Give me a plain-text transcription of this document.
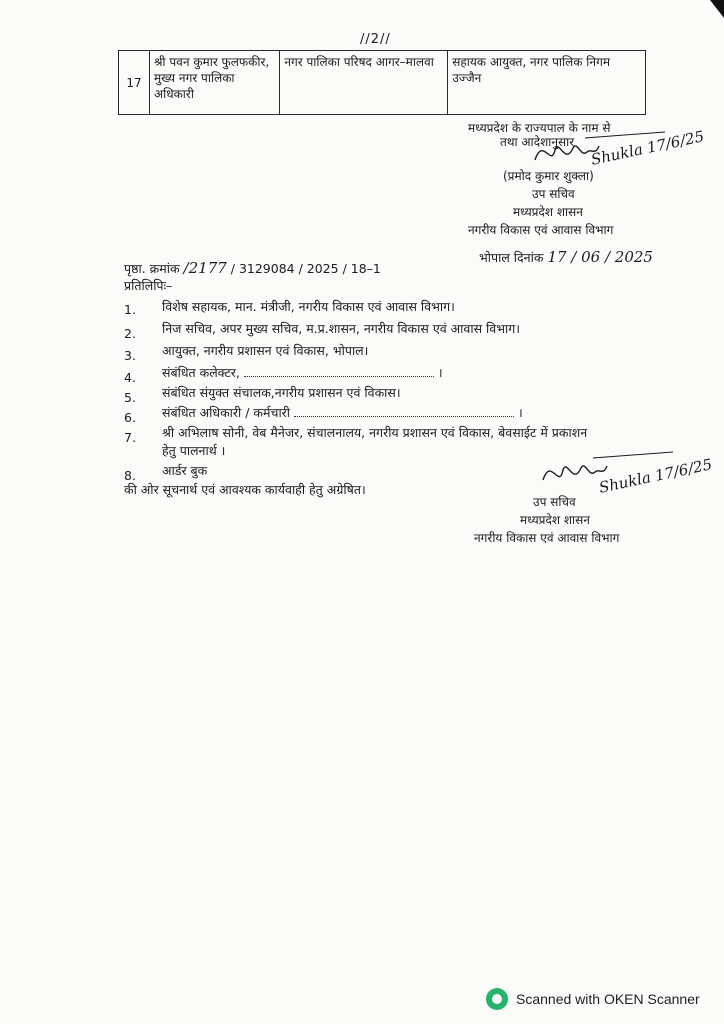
//2//
17	श्री पवन कुमार फुलफकीर, मुख्य नगर पालिका अधिकारी	नगर पालिका परिषद आगर–मालवा	सहायक आयुक्त, नगर पालिक निगम उज्जैन
मध्यप्रदेश के राज्यपाल के नाम से
तथा आदेशानुसार Shukla 17/6/25
(प्रमोद कुमार शुक्ला)
उप सचिव
मध्यप्रदेश शासन
नगरीय विकास एवं आवास विभाग
पृष्ठा. क्रमांक /2177 / 3129084 / 2025 / 18–1
भोपाल दिनांक 17 / 06 / 2025
प्रतिलिपिः–
1. विशेष सहायक, मान. मंत्रीजी, नगरीय विकास एवं आवास विभाग।
2. निज सचिव, अपर मुख्य सचिव, म.प्र.शासन, नगरीय विकास एवं आवास विभाग।
3. आयुक्त, नगरीय प्रशासन एवं विकास, भोपाल।
4. संबंधित कलेक्टर,	।
5. संबंधित संयुक्त संचालक,नगरीय प्रशासन एवं विकास।
6. संबंधित अधिकारी / कर्मचारी	।
7. श्री अभिलाष सोनी, वेब मैनेजर, संचालनालय, नगरीय प्रशासन एवं विकास, बेवसाईट में प्रकाशन
हेतु पालनार्थ ।
8. आर्डर बुक
की ओर सूचनार्थ एवं आवश्यक कार्यवाही हेतु अग्रेषित।	Shukla 17/6/25
उप सचिव
मध्यप्रदेश शासन
नगरीय विकास एवं आवास विभाग
Scanned with OKEN Scanner
